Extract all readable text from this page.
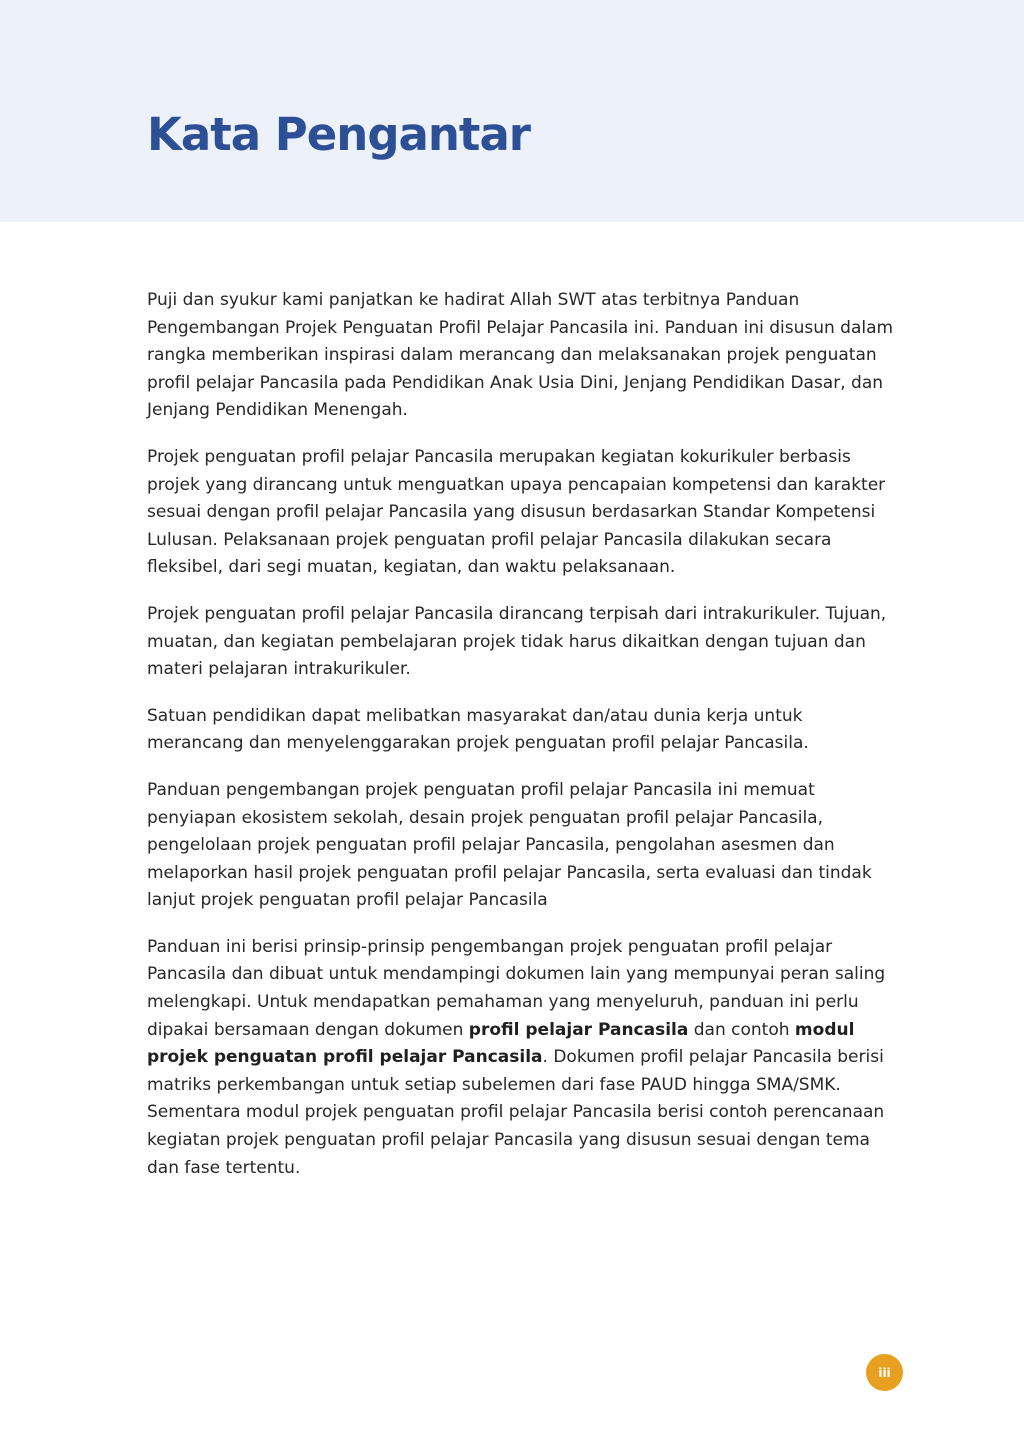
Kata Pengantar

Puji dan syukur kami panjatkan ke hadirat Allah SWT atas terbitnya Panduan Pengembangan Projek Penguatan Profil Pelajar Pancasila ini. Panduan ini disusun dalam rangka memberikan inspirasi dalam merancang dan melaksanakan projek penguatan profil pelajar Pancasila pada Pendidikan Anak Usia Dini, Jenjang Pendidikan Dasar, dan Jenjang Pendidikan Menengah.

Projek penguatan profil pelajar Pancasila merupakan kegiatan kokurikuler berbasis projek yang dirancang untuk menguatkan upaya pencapaian kompetensi dan karakter sesuai dengan profil pelajar Pancasila yang disusun berdasarkan Standar Kompetensi Lulusan. Pelaksanaan projek penguatan profil pelajar Pancasila dilakukan secara fleksibel, dari segi muatan, kegiatan, dan waktu pelaksanaan.

Projek penguatan profil pelajar Pancasila dirancang terpisah dari intrakurikuler. Tujuan, muatan, dan kegiatan pembelajaran projek tidak harus dikaitkan dengan tujuan dan materi pelajaran intrakurikuler.

Satuan pendidikan dapat melibatkan masyarakat dan/atau dunia kerja untuk merancang dan menyelenggarakan projek penguatan profil pelajar Pancasila.

Panduan pengembangan projek penguatan profil pelajar Pancasila ini memuat penyiapan ekosistem sekolah, desain projek penguatan profil pelajar Pancasila, pengelolaan projek penguatan profil pelajar Pancasila, pengolahan asesmen dan melaporkan hasil projek penguatan profil pelajar Pancasila, serta evaluasi dan tindak lanjut projek penguatan profil pelajar Pancasila

Panduan ini berisi prinsip-prinsip pengembangan projek penguatan profil pelajar Pancasila dan dibuat untuk mendampingi dokumen lain yang mempunyai peran saling melengkapi. Untuk mendapatkan pemahaman yang menyeluruh, panduan ini perlu dipakai bersamaan dengan dokumen profil pelajar Pancasila dan contoh modul projek penguatan profil pelajar Pancasila. Dokumen profil pelajar Pancasila berisi matriks perkembangan untuk setiap subelemen dari fase PAUD hingga SMA/SMK. Sementara modul projek penguatan profil pelajar Pancasila berisi contoh perencanaan kegiatan projek penguatan profil pelajar Pancasila yang disusun sesuai dengan tema dan fase tertentu.

iii
